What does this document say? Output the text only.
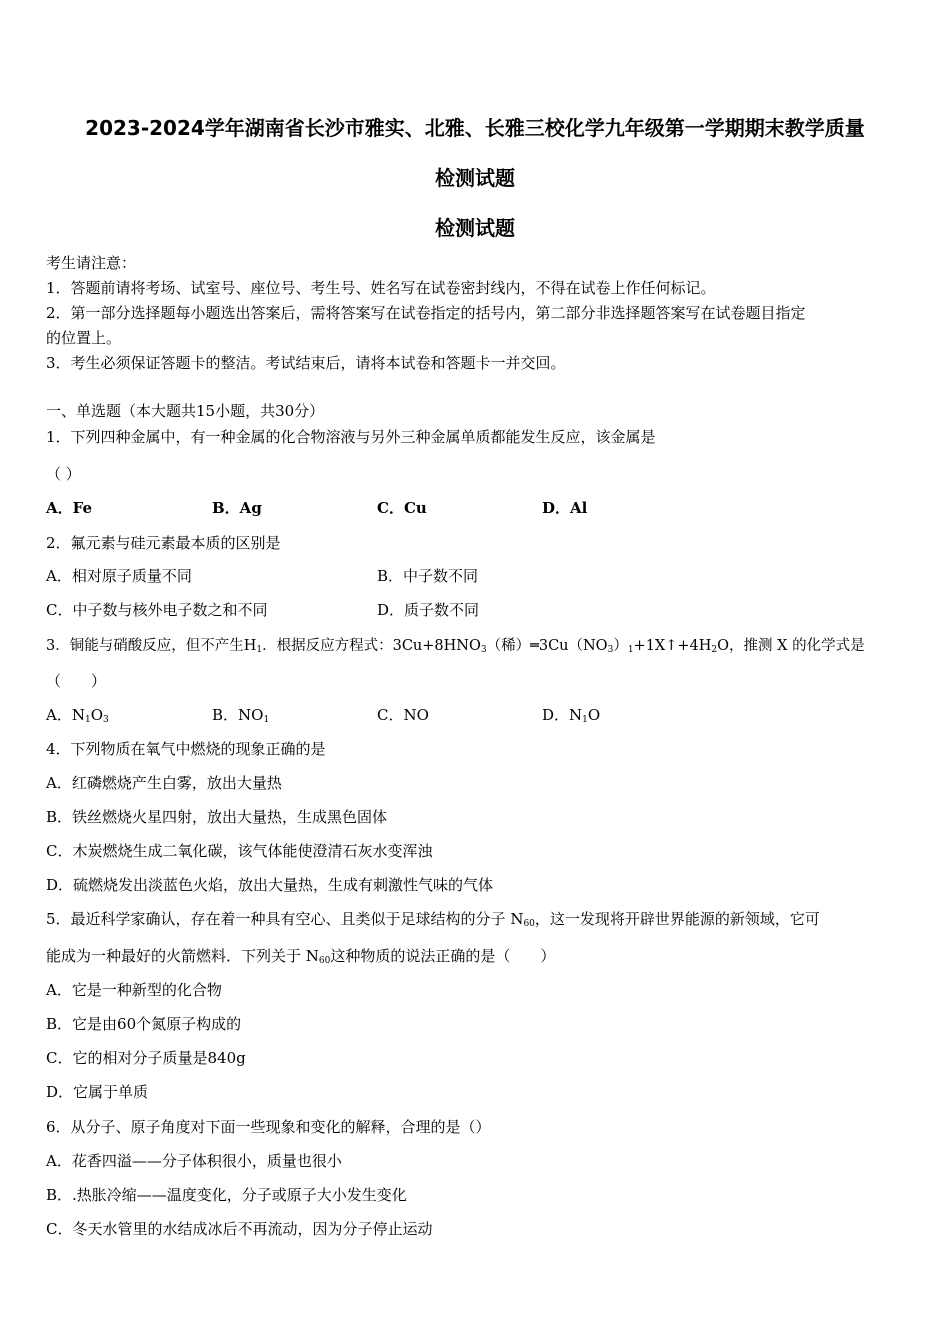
2023-2024学年湖南省长沙市雅实、北雅、长雅三校化学九年级第一学期期末教学质量
检测试题
检测试题
考生请注意：
1．答题前请将考场、试室号、座位号、考生号、姓名写在试卷密封线内，不得在试卷上作任何标记。
2．第一部分选择题每小题选出答案后，需将答案写在试卷指定的括号内，第二部分非选择题答案写在试卷题目指定
的位置上。
3．考生必须保证答题卡的整洁。考试结束后，请将本试卷和答题卡一并交回。
一、单选题（本大题共15小题，共30分）
1．下列四种金属中，有一种金属的化合物溶液与另外三种金属单质都能发生反应，该金属是
（ ）
A．Fe	B．Ag	C．Cu	D．Al
2．氟元素与硅元素最本质的区别是
A．相对原子质量不同	B．中子数不同
C．中子数与核外电子数之和不同	D．质子数不同
3．铜能与硝酸反应，但不产生$H_1$．根据反应方程式：$3Cu+8HNO_3$（稀）$═3Cu(NO_3)_1+1X↑+4H_2O$，推测 X 的化学式是
（　　）
A．$N_1O_3$	B．$NO_1$	C．NO	D．$N_1O$
4．下列物质在氧气中燃烧的现象正确的是
A．红磷燃烧产生白雾，放出大量热
B．铁丝燃烧火星四射，放出大量热，生成黑色固体
C．木炭燃烧生成二氧化碳，该气体能使澄清石灰水变浑浊
D．硫燃烧发出淡蓝色火焰，放出大量热，生成有刺激性气味的气体
5．最近科学家确认，存在着一种具有空心、且类似于足球结构的分子 $N_{60}$，这一发现将开辟世界能源的新领域，它可
能成为一种最好的火箭燃料．下列关于 $N_{60}$这种物质的说法正确的是（　　）
A．它是一种新型的化合物
B．它是由60个氮原子构成的
C．它的相对分子质量是840g
D．它属于单质
6．从分子、原子角度对下面一些现象和变化的解释，合理的是（）
A．花香四溢——分子体积很小，质量也很小
B．.热胀冷缩——温度变化，分子或原子大小发生变化
C．冬天水管里的水结成冰后不再流动，因为分子停止运动
